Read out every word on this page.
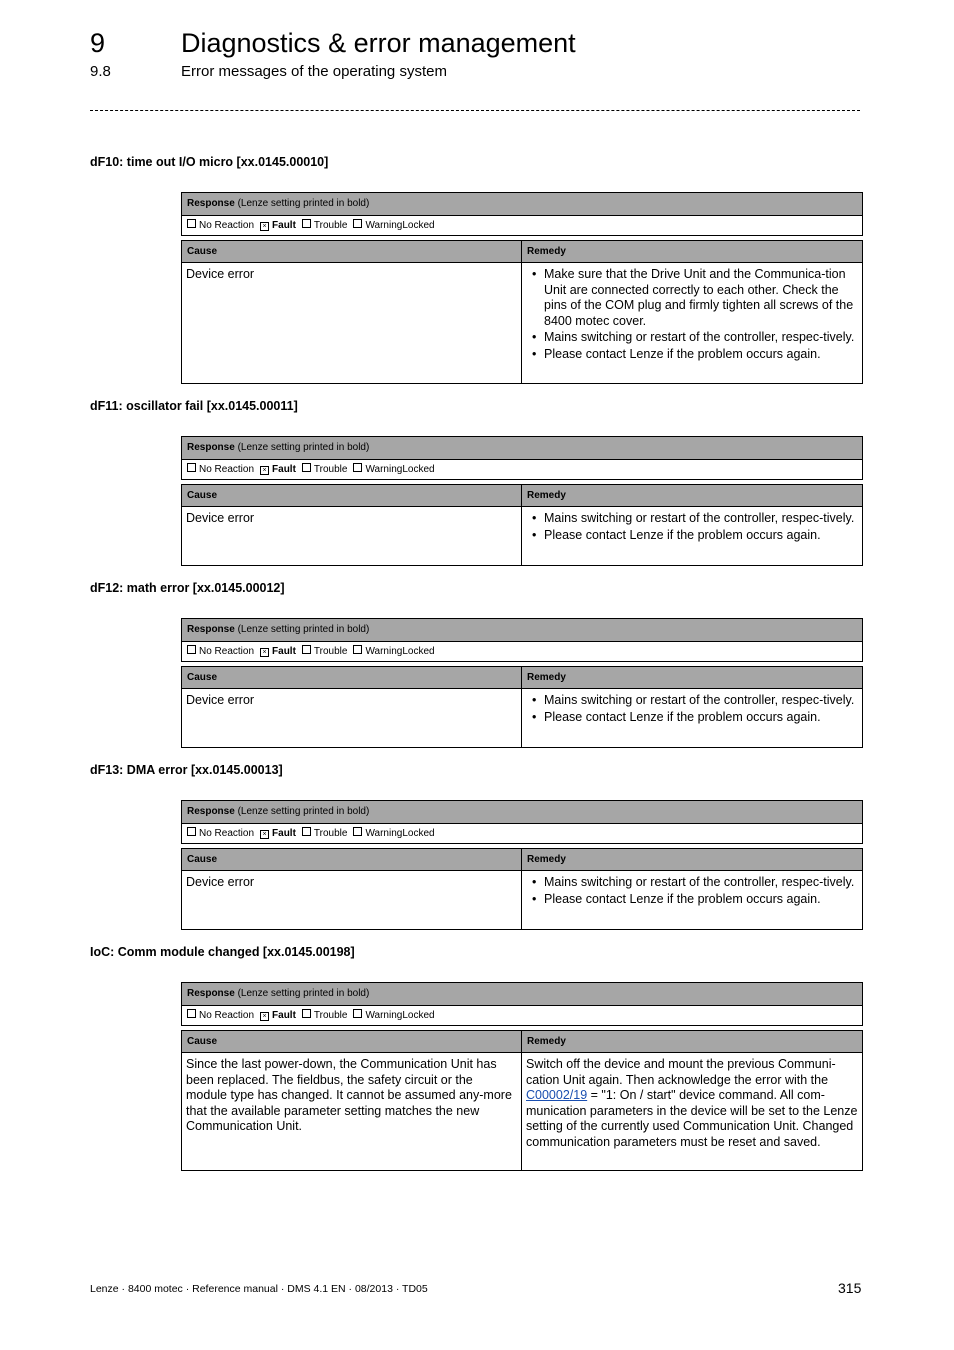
9	Diagnostics & error management
9.8	Error messages of the operating system
dF10: time out I/O micro [xx.0145.00010]
Response (Lenze setting printed in bold)
No Reaction × Fault Trouble WarningLocked
Cause	Remedy
Device error	• Make sure that the Drive Unit and the Communica-tion Unit are connected correctly to each other. Check the pins of the COM plug and firmly tighten all screws of the 8400 motec cover.
• Mains switching or restart of the controller, respec-tively.
• Please contact Lenze if the problem occurs again.
dF11: oscillator fail [xx.0145.00011]
Response (Lenze setting printed in bold)
No Reaction × Fault Trouble WarningLocked
Cause	Remedy
Device error	• Mains switching or restart of the controller, respec-tively.
• Please contact Lenze if the problem occurs again.
dF12: math error [xx.0145.00012]
Response (Lenze setting printed in bold)
No Reaction × Fault Trouble WarningLocked
Cause	Remedy
Device error	• Mains switching or restart of the controller, respec-tively.
• Please contact Lenze if the problem occurs again.
dF13: DMA error [xx.0145.00013]
Response (Lenze setting printed in bold)
No Reaction × Fault Trouble WarningLocked
Cause	Remedy
Device error	• Mains switching or restart of the controller, respec-tively.
• Please contact Lenze if the problem occurs again.
IoC: Comm module changed [xx.0145.00198]
Response (Lenze setting printed in bold)
No Reaction × Fault Trouble WarningLocked
Cause	Remedy
Since the last power-down, the Communication Unit has been replaced. The fieldbus, the safety circuit or the module type has changed. It cannot be assumed any-more that the available parameter setting matches the new Communication Unit.
Switch off the device and mount the previous Communi-cation Unit again. Then acknowledge the error with the C00002/19 = "1: On / start" device command. All com-munication parameters in the device will be set to the Lenze setting of the currently used Communication Unit. Changed communication parameters must be reset and saved.
Lenze · 8400 motec · Reference manual · DMS 4.1 EN · 08/2013 · TD05	315
